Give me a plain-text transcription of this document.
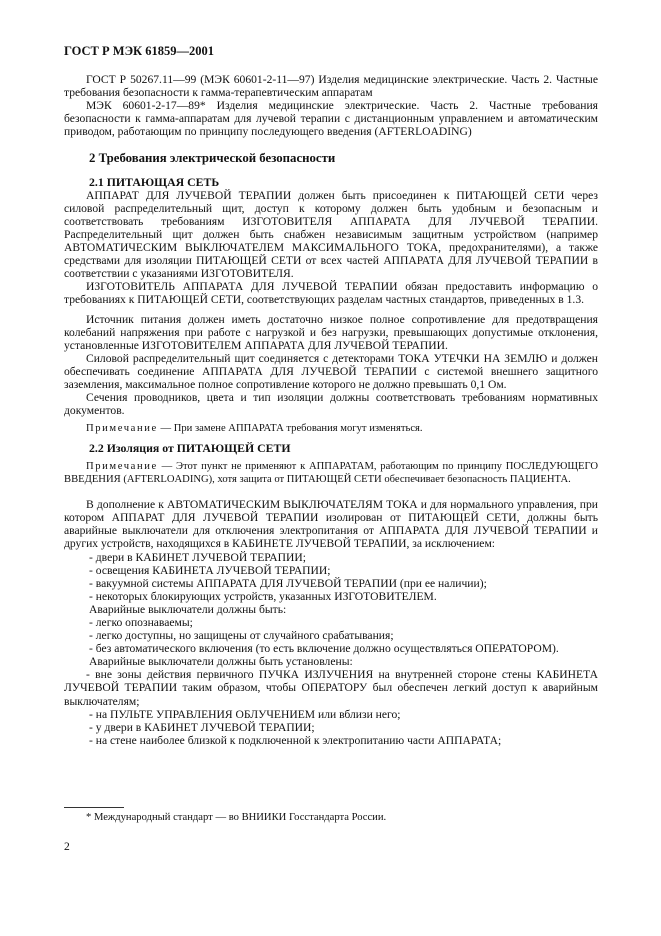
ГОСТ Р МЭК 61859—2001

ГОСТ Р 50267.11—99 (МЭК 60601-2-11—97) Изделия медицинские электрические. Часть 2. Частные требования безопасности к гамма-терапевтическим аппаратам

МЭК 60601-2-17—89* Изделия медицинские электрические. Часть 2. Частные требования безопасности к гамма-аппаратам для лучевой терапии с дистанционным управлением и автоматическим приводом, работающим по принципу последующего введения (AFTERLOADING)

2 Требования электрической безопасности
2.1 ПИТАЮЩАЯ СЕТЬ

АППАРАТ ДЛЯ ЛУЧЕВОЙ ТЕРАПИИ должен быть присоединен к ПИТАЮЩЕЙ СЕТИ через силовой распределительный щит, доступ к которому должен быть удобным и безопасным и соответствовать требованиям ИЗГОТОВИТЕЛЯ АППАРАТА ДЛЯ ЛУЧЕВОЙ ТЕРАПИИ. Распределительный щит должен быть снабжен независимым защитным устройством (например АВТОМАТИЧЕСКИМ ВЫКЛЮЧАТЕЛЕМ МАКСИМАЛЬНОГО ТОКА, предохранителями), а также средствами для изоляции ПИТАЮЩЕЙ СЕТИ от всех частей АППАРАТА ДЛЯ ЛУЧЕВОЙ ТЕРАПИИ в соответствии с указаниями ИЗГОТОВИТЕЛЯ.

ИЗГОТОВИТЕЛЬ АППАРАТА ДЛЯ ЛУЧЕВОЙ ТЕРАПИИ обязан предоставить информацию о требованиях к ПИТАЮЩЕЙ СЕТИ, соответствующих разделам частных стандартов, приведенных в 1.3.

Источник питания должен иметь достаточно низкое полное сопротивление для предотвращения колебаний напряжения при работе с нагрузкой и без нагрузки, превышающих допустимые отклонения, установленные ИЗГОТОВИТЕЛЕМ АППАРАТА ДЛЯ ЛУЧЕВОЙ ТЕРАПИИ.

Силовой распределительный щит соединяется с детекторами ТОКА УТЕЧКИ НА ЗЕМЛЮ и должен обеспечивать соединение АППАРАТА ДЛЯ ЛУЧЕВОЙ ТЕРАПИИ с системой внешнего защитного заземления, максимальное полное сопротивление которого не должно превышать 0,1 Ом.

Сечения проводников, цвета и тип изоляции должны соответствовать требованиям нормативных документов.

Примечание — При замене АППАРАТА требования могут изменяться.

2.2 Изоляция от ПИТАЮЩЕЙ СЕТИ

Примечание — Этот пункт не применяют к АППАРАТАМ, работающим по принципу ПОСЛЕДУЮЩЕГО ВВЕДЕНИЯ (AFTERLOADING), хотя защита от ПИТАЮЩЕЙ СЕТИ обеспечивает безопасность ПАЦИЕНТА.

В дополнение к АВТОМАТИЧЕСКИМ ВЫКЛЮЧАТЕЛЯМ ТОКА и для нормального управления, при котором АППАРАТ ДЛЯ ЛУЧЕВОЙ ТЕРАПИИ изолирован от ПИТАЮЩЕЙ СЕТИ, должны быть аварийные выключатели для отключения электропитания от АППАРАТА ДЛЯ ЛУЧЕВОЙ ТЕРАПИИ и других устройств, находящихся в КАБИНЕТЕ ЛУЧЕВОЙ ТЕРАПИИ, за исключением:

- двери в КАБИНЕТ ЛУЧЕВОЙ ТЕРАПИИ;

- освещения КАБИНЕТА ЛУЧЕВОЙ ТЕРАПИИ;

- вакуумной системы АППАРАТА ДЛЯ ЛУЧЕВОЙ ТЕРАПИИ (при ее наличии);

- некоторых блокирующих устройств, указанных ИЗГОТОВИТЕЛЕМ.

Аварийные выключатели должны быть:

- легко опознаваемы;

- легко доступны, но защищены от случайного срабатывания;

- без автоматического включения (то есть включение должно осуществляться ОПЕРАТОРОМ).

Аварийные выключатели должны быть установлены:

- вне зоны действия первичного ПУЧКА ИЗЛУЧЕНИЯ на внутренней стороне стены КАБИНЕТА ЛУЧЕВОЙ ТЕРАПИИ таким образом, чтобы ОПЕРАТОРУ был обеспечен легкий доступ к аварийным выключателям;

- на ПУЛЬТЕ УПРАВЛЕНИЯ ОБЛУЧЕНИЕМ или вблизи него;

- у двери в КАБИНЕТ ЛУЧЕВОЙ ТЕРАПИИ;

- на стене наиболее близкой к подключенной к электропитанию части АППАРАТА;

* Международный стандарт — во ВНИИКИ Госстандарта России.
2
